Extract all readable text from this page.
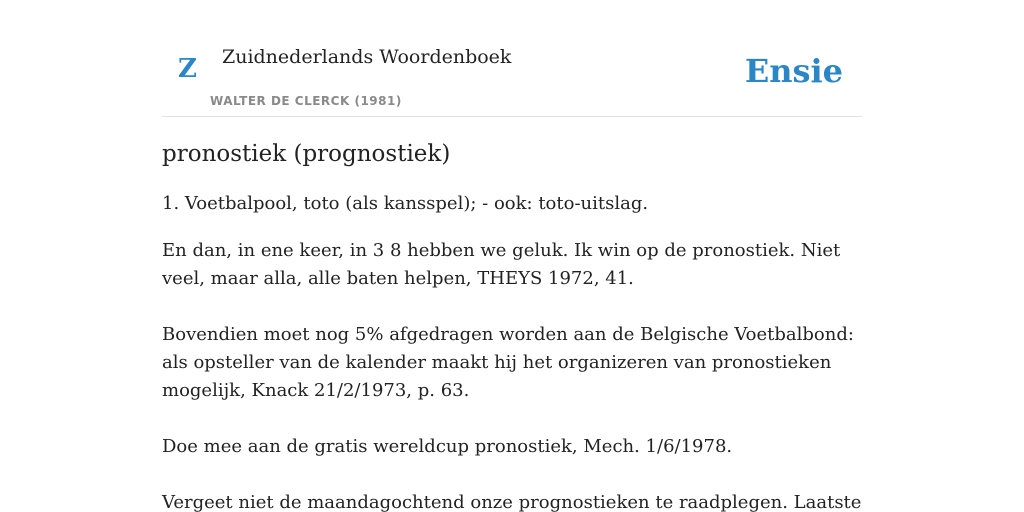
Z Zuidnederlands Woordenboek
WALTER DE CLERCK (1981)
Ensie
pronostiek (prognostiek)

1. Voetbalpool, toto (als kansspel); - ook: toto-uitslag.

En dan, in ene keer, in 3 8 hebben we geluk. Ik win op de pronostiek. Niet veel, maar alla, alle baten helpen, THEYS 1972, 41.

Bovendien moet nog 5% afgedragen worden aan de Belgische Voetbalbond: als opsteller van de kalender maakt hij het organizeren van pronostieken mogelijk, Knack 21/2/1973, p. 63.

Doe mee aan de gratis wereldcup pronostiek, Mech. 1/6/1978.

Vergeet niet de maandagochtend onze prognostieken te raadplegen. Laatste
